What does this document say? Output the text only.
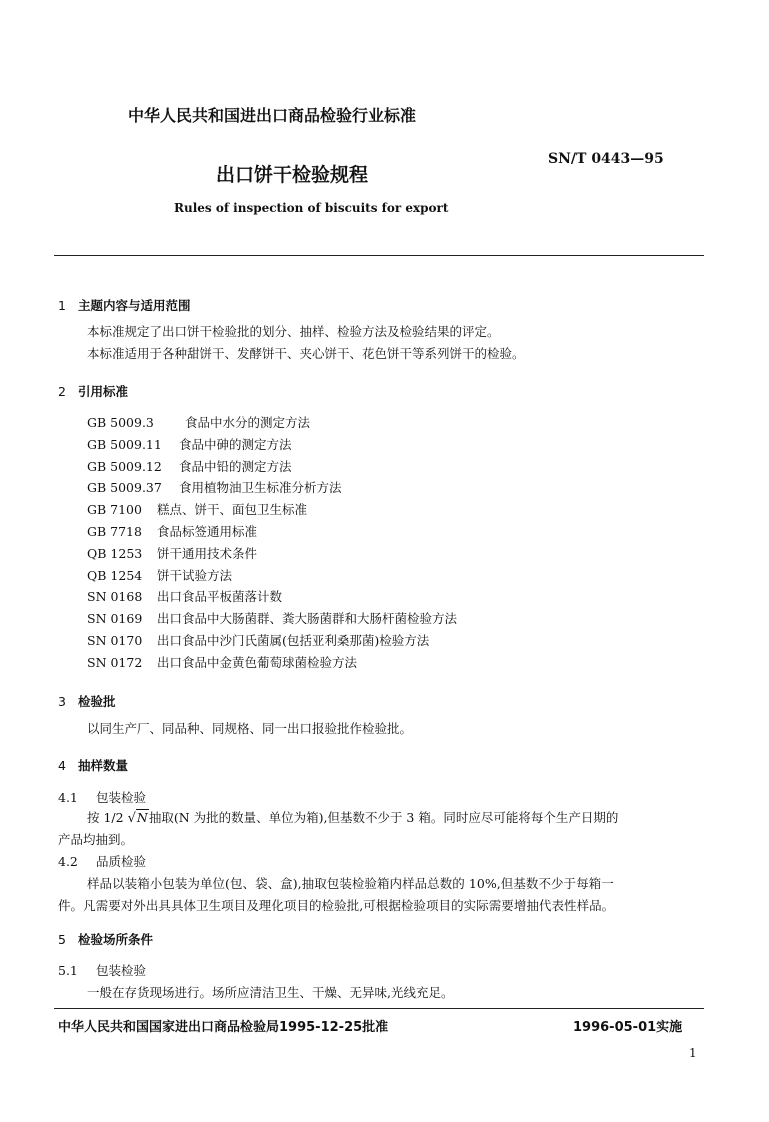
中华人民共和国进出口商品检验行业标准
出口饼干检验规程
SN/T 0443—95
Rules of inspection of biscuits for export
1 主题内容与适用范围
本标准规定了出口饼干检验批的划分、抽样、检验方法及检验结果的评定。
本标准适用于各种甜饼干、发酵饼干、夹心饼干、花色饼干等系列饼干的检验。
2 引用标准
GB 5009.3 食品中水分的测定方法
GB 5009.11 食品中砷的测定方法
GB 5009.12 食品中铅的测定方法
GB 5009.37 食用植物油卫生标准分析方法
GB 7100 糕点、饼干、面包卫生标准
GB 7718 食品标签通用标准
QB 1253 饼干通用技术条件
QB 1254 饼干试验方法
SN 0168 出口食品平板菌落计数
SN 0169 出口食品中大肠菌群、粪大肠菌群和大肠杆菌检验方法
SN 0170 出口食品中沙门氏菌属(包括亚利桑那菌)检验方法
SN 0172 出口食品中金黄色葡萄球菌检验方法
3 检验批
以同生产厂、同品种、同规格、同一出口报验批作检验批。
4 抽样数量
4.1 包装检验
按 1/2 √N抽取(N 为批的数量、单位为箱),但基数不少于 3 箱。同时应尽可能将每个生产日期的
产品均抽到。
4.2 品质检验
样品以装箱小包装为单位(包、袋、盒),抽取包装检验箱内样品总数的 10%,但基数不少于每箱一
件。凡需要对外出具具体卫生项目及理化项目的检验批,可根据检验项目的实际需要增抽代表性样品。
5 检验场所条件
5.1 包装检验
一般在存货现场进行。场所应清洁卫生、干燥、无异味,光线充足。
中华人民共和国国家进出口商品检验局1995-12-25批准	1996-05-01实施
1
